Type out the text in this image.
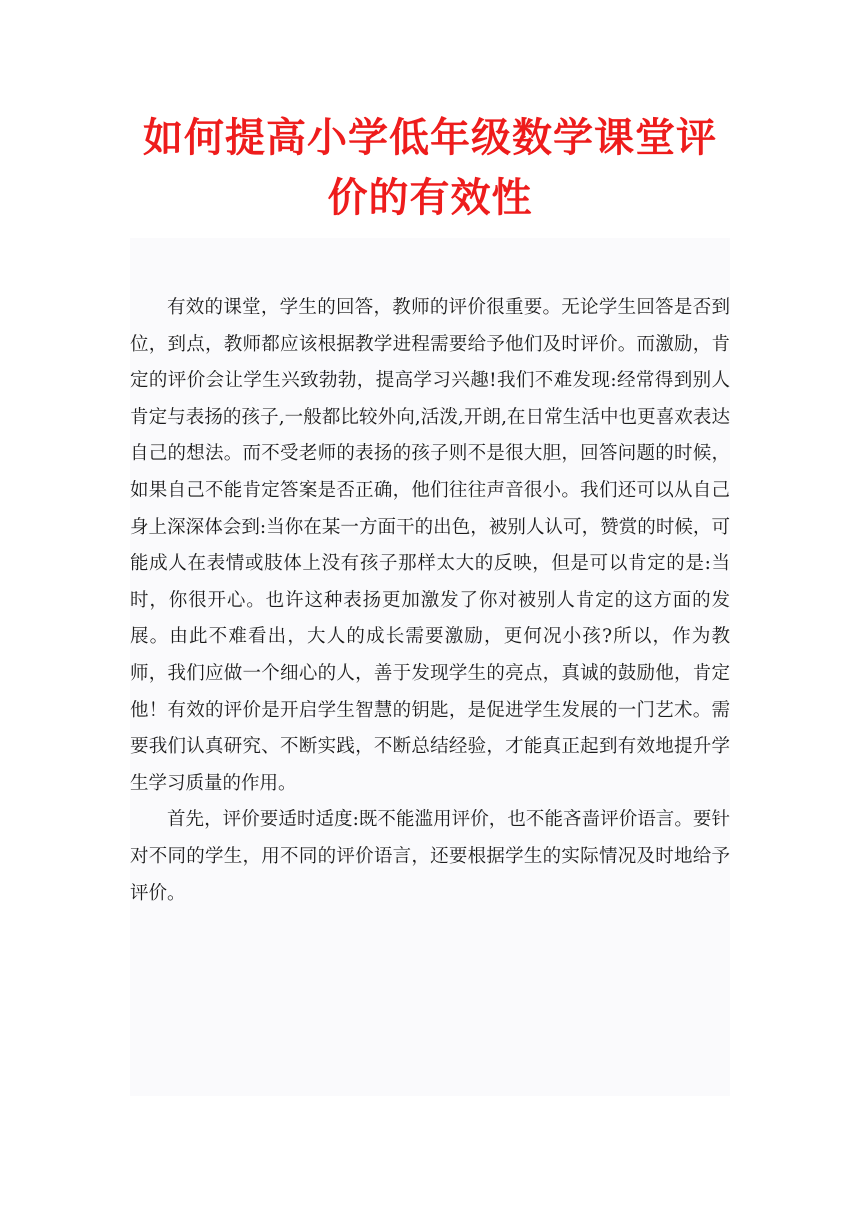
如何提高小学低年级数学课堂评价的有效性

有效的课堂，学生的回答，教师的评价很重要。无论学生回答是否到位，到点，教师都应该根据教学进程需要给予他们及时评价。而激励，肯定的评价会让学生兴致勃勃，提高学习兴趣!我们不难发现:经常得到别人肯定与表扬的孩子,一般都比较外向,活泼,开朗,在日常生活中也更喜欢表达自己的想法。而不受老师的表扬的孩子则不是很大胆，回答问题的时候，如果自己不能肯定答案是否正确，他们往往声音很小。我们还可以从自己身上深深体会到:当你在某一方面干的出色，被别人认可，赞赏的时候，可能成人在表情或肢体上没有孩子那样太大的反映，但是可以肯定的是:当时，你很开心。也许这种表扬更加激发了你对被别人肯定的这方面的发展。由此不难看出，大人的成长需要激励，更何况小孩?所以，作为教师，我们应做一个细心的人，善于发现学生的亮点，真诚的鼓励他，肯定他！有效的评价是开启学生智慧的钥匙，是促进学生发展的一门艺术。需要我们认真研究、不断实践，不断总结经验，才能真正起到有效地提升学生学习质量的作用。

首先，评价要适时适度:既不能滥用评价，也不能吝啬评价语言。要针对不同的学生，用不同的评价语言，还要根据学生的实际情况及时地给予评价。
